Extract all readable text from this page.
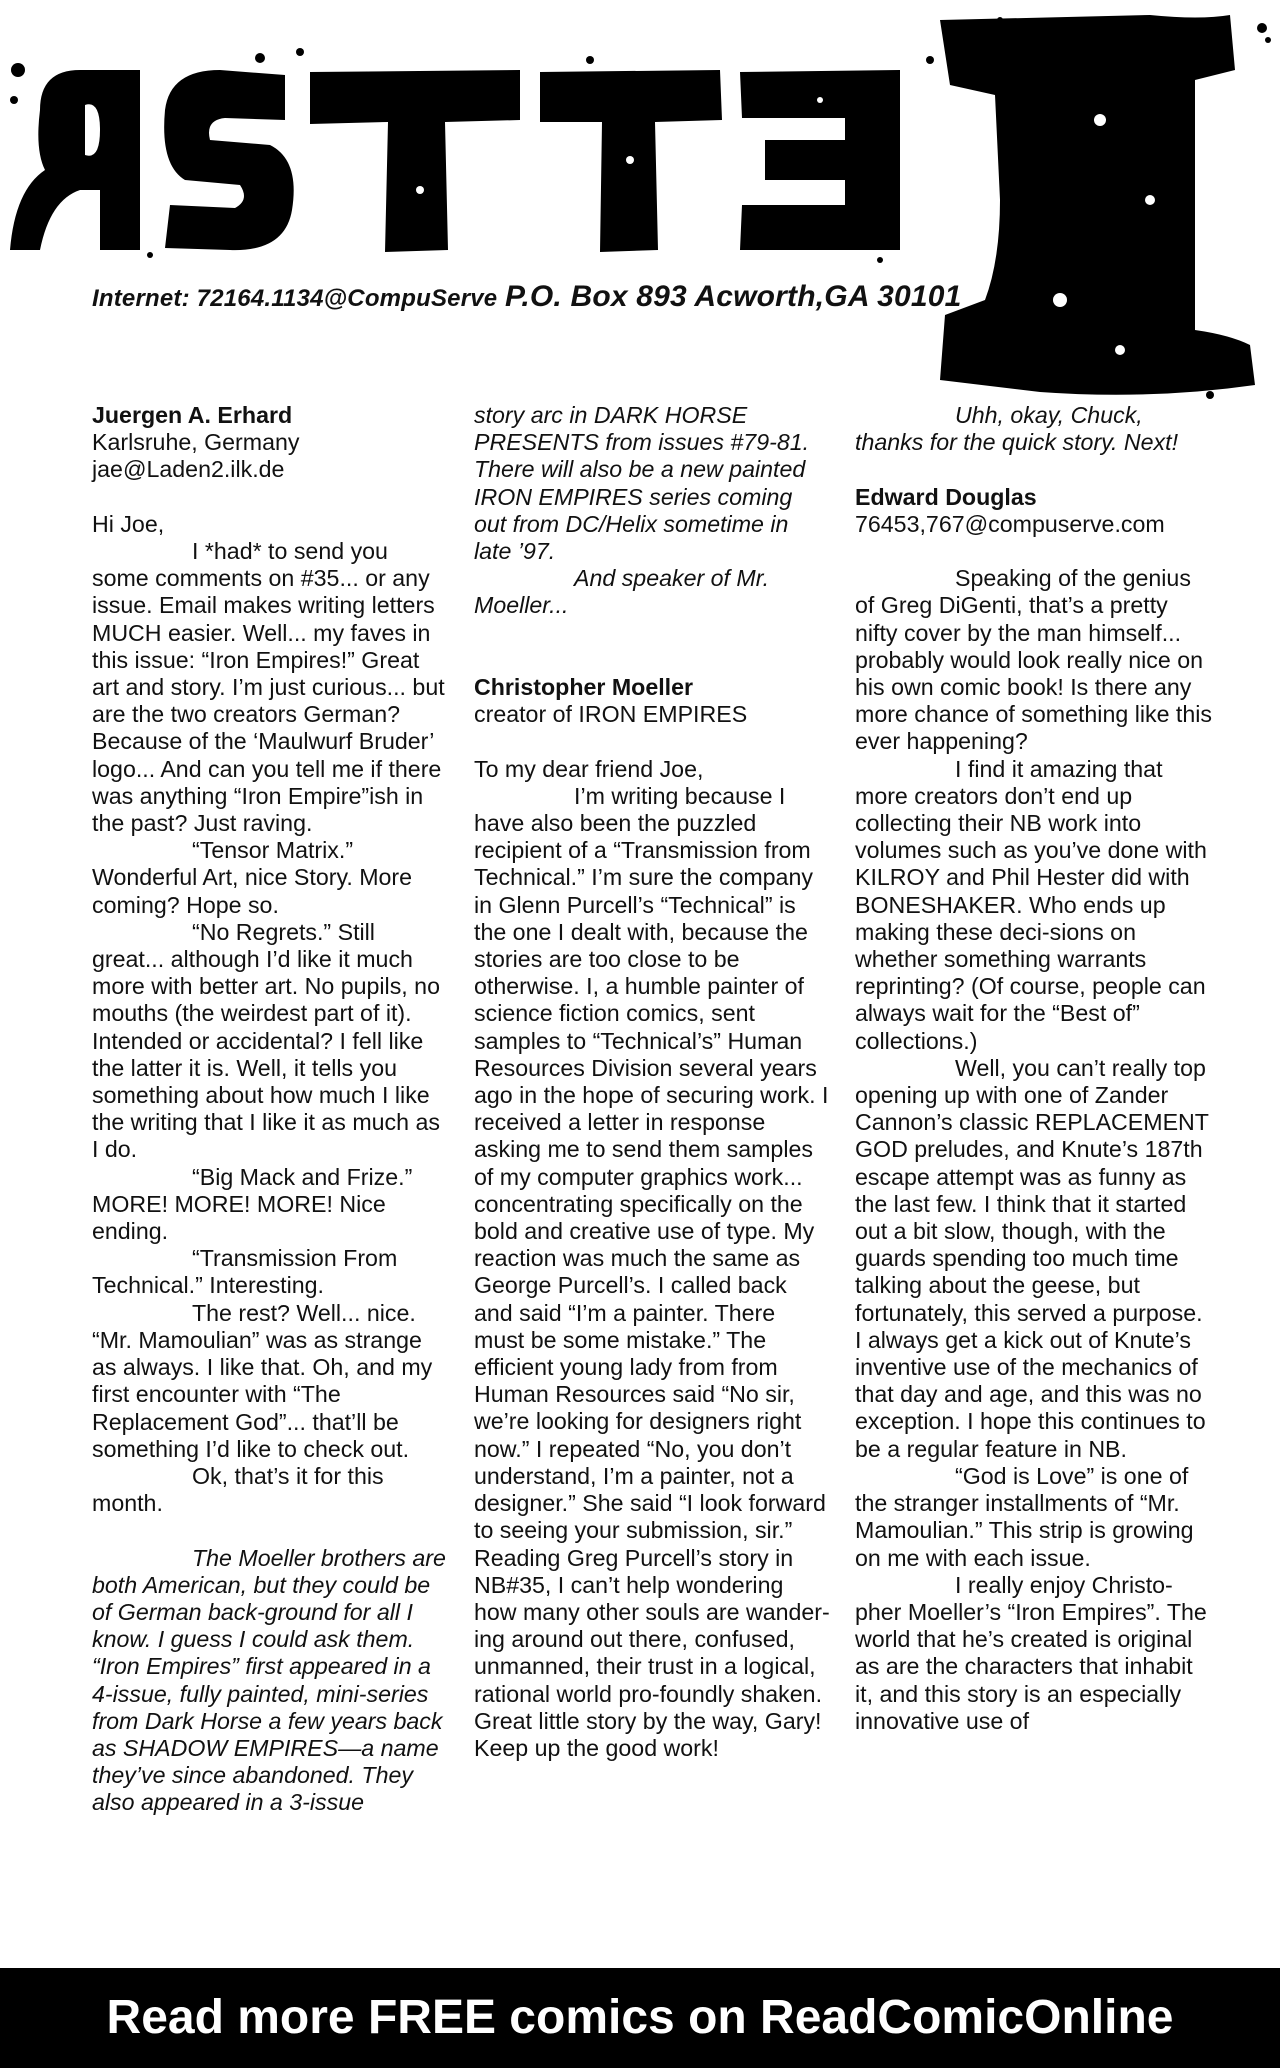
Internet: 72164.1134@CompuServe P.O. Box 893 Acworth,GA 30101

Juergen A. Erhard

Karlsruhe, Germany

jae@Laden2.ilk.de

Hi Joe,

I *had* to send you some comments on #35... or any issue. Email makes writing letters MUCH easier. Well... my faves in this issue: “Iron Empires!” Great art and story. I’m just curious... but are the two creators German? Because of the ‘Maulwurf Bruder’ logo... And can you tell me if there was anything “Iron Empire”ish in the past? Just raving.

“Tensor Matrix.” Wonderful Art, nice Story. More coming? Hope so.

“No Regrets.” Still great... although I’d like it much more with better art. No pupils, no mouths (the weirdest part of it). Intended or accidental? I fell like the latter it is. Well, it tells you something about how much I like the writing that I like it as much as I do.

“Big Mack and Frize.” MORE! MORE! MORE! Nice ending.

“Transmission From Technical.” Interesting.

The rest? Well... nice. “Mr. Mamoulian” was as strange as always. I like that. Oh, and my first encounter with “The Replacement God”... that’ll be something I’d like to check out.

Ok, that’s it for this month.

The Moeller brothers are both American, but they could be of German back-ground for all I know. I guess I could ask them. “Iron Empires” first appeared in a 4-issue, fully painted, mini-series from Dark Horse a few years back as SHADOW EMPIRES—a name they’ve since abandoned. They also appeared in a 3-issue

story arc in DARK HORSE PRESENTS from issues #79-81. There will also be a new painted IRON EMPIRES series coming out from DC/Helix sometime in late ’97.

And speaker of Mr. Moeller...

Christopher Moeller

creator of IRON EMPIRES

To my dear friend Joe,

I’m writing because I have also been the puzzled recipient of a “Transmission from Technical.” I’m sure the company in Glenn Purcell’s “Technical” is the one I dealt with, because the stories are too close to be otherwise. I, a humble painter of science fiction comics, sent samples to “Technical’s” Human Resources Division several years ago in the hope of securing work. I received a letter in response asking me to send them samples of my computer graphics work... concentrating specifically on the bold and creative use of type. My reaction was much the same as George Purcell’s. I called back and said “I’m a painter. There must be some mistake.” The efficient young lady from from Human Resources said “No sir, we’re looking for designers right now.” I repeated “No, you don’t understand, I’m a painter, not a designer.” She said “I look forward to seeing your submission, sir.” Reading Greg Purcell’s story in NB#35, I can’t help wondering how many other souls are wander-ing around out there, confused, unmanned, their trust in a logical, rational world pro-foundly shaken. Great little story by the way, Gary! Keep up the good work!

Uhh, okay, Chuck, thanks for the quick story. Next!

Edward Douglas

76453,767@compuserve.com

Speaking of the genius of Greg DiGenti, that’s a pretty nifty cover by the man himself... probably would look really nice on his own comic book! Is there any more chance of something like this ever happening?

I find it amazing that more creators don’t end up collecting their NB work into volumes such as you’ve done with KILROY and Phil Hester did with BONESHAKER. Who ends up making these deci-sions on whether something warrants reprinting? (Of course, people can always wait for the “Best of” collections.)

Well, you can’t really top opening up with one of Zander Cannon’s classic REPLACEMENT GOD preludes, and Knute’s 187th escape attempt was as funny as the last few. I think that it started out a bit slow, though, with the guards spending too much time talking about the geese, but fortunately, this served a purpose. I always get a kick out of Knute’s inventive use of the mechanics of that day and age, and this was no exception. I hope this continues to be a regular feature in NB.

“God is Love” is one of the stranger installments of “Mr. Mamoulian.” This strip is growing on me with each issue.

I really enjoy Christo-pher Moeller’s “Iron Empires”. The world that he’s created is original as are the characters that inhabit it, and this story is an especially innovative use of

Read more FREE comics on ReadComicOnline
